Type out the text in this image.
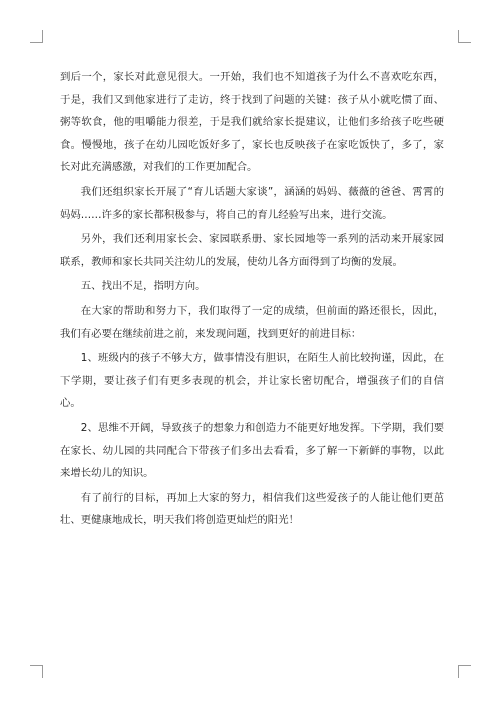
到后一个，家长对此意见很大。一开始，我们也不知道孩子为什么不喜欢吃东西，于是，我们又到他家进行了走访，终于找到了问题的关键：孩子从小就吃惯了面、粥等软食，他的咀嚼能力很差，于是我们就给家长提建议，让他们多给孩子吃些硬食。慢慢地，孩子在幼儿园吃饭好多了，家长也反映孩子在家吃饭快了，多了，家长对此充满感激，对我们的工作更加配合。

我们还组织家长开展了“育儿话题大家谈”，涵涵的妈妈、薇薇的爸爸、霄霄的妈妈……许多的家长都积极参与，将自己的育儿经验写出来，进行交流。

另外，我们还利用家长会、家园联系册、家长园地等一系列的活动来开展家园联系，教师和家长共同关注幼儿的发展，使幼儿各方面得到了均衡的发展。

五、找出不足，指明方向。

在大家的帮助和努力下，我们取得了一定的成绩，但前面的路还很长，因此，我们有必要在继续前进之前，来发现问题，找到更好的前进目标：

1、班级内的孩子不够大方，做事情没有胆识，在陌生人前比较拘谨，因此，在下学期，要让孩子们有更多表现的机会，并让家长密切配合，增强孩子们的自信心。

2、思维不开阔，导致孩子的想象力和创造力不能更好地发挥。下学期，我们要在家长、幼儿园的共同配合下带孩子们多出去看看，多了解一下新鲜的事物，以此来增长幼儿的知识。

有了前行的目标，再加上大家的努力，相信我们这些爱孩子的人能让他们更茁壮、更健康地成长，明天我们将创造更灿烂的阳光！
